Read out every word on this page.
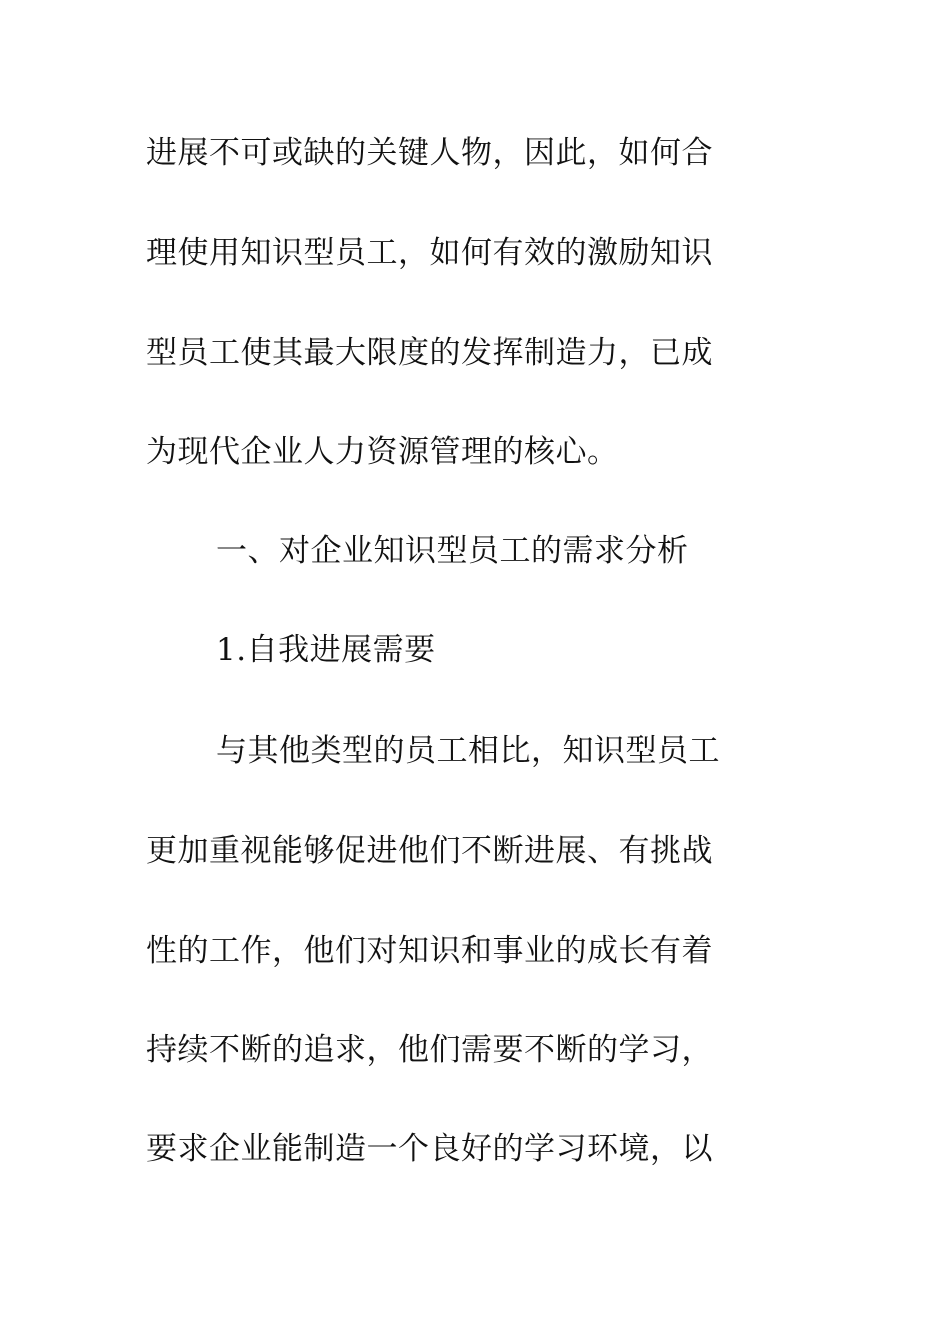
进展不可或缺的关键人物，因此，如何合
理使用知识型员工，如何有效的激励知识
型员工使其最大限度的发挥制造力，已成
为现代企业人力资源管理的核心。
一、对企业知识型员工的需求分析
1.自我进展需要
与其他类型的员工相比，知识型员工
更加重视能够促进他们不断进展、有挑战
性的工作，他们对知识和事业的成长有着
持续不断的追求，他们需要不断的学习，
要求企业能制造一个良好的学习环境，以
